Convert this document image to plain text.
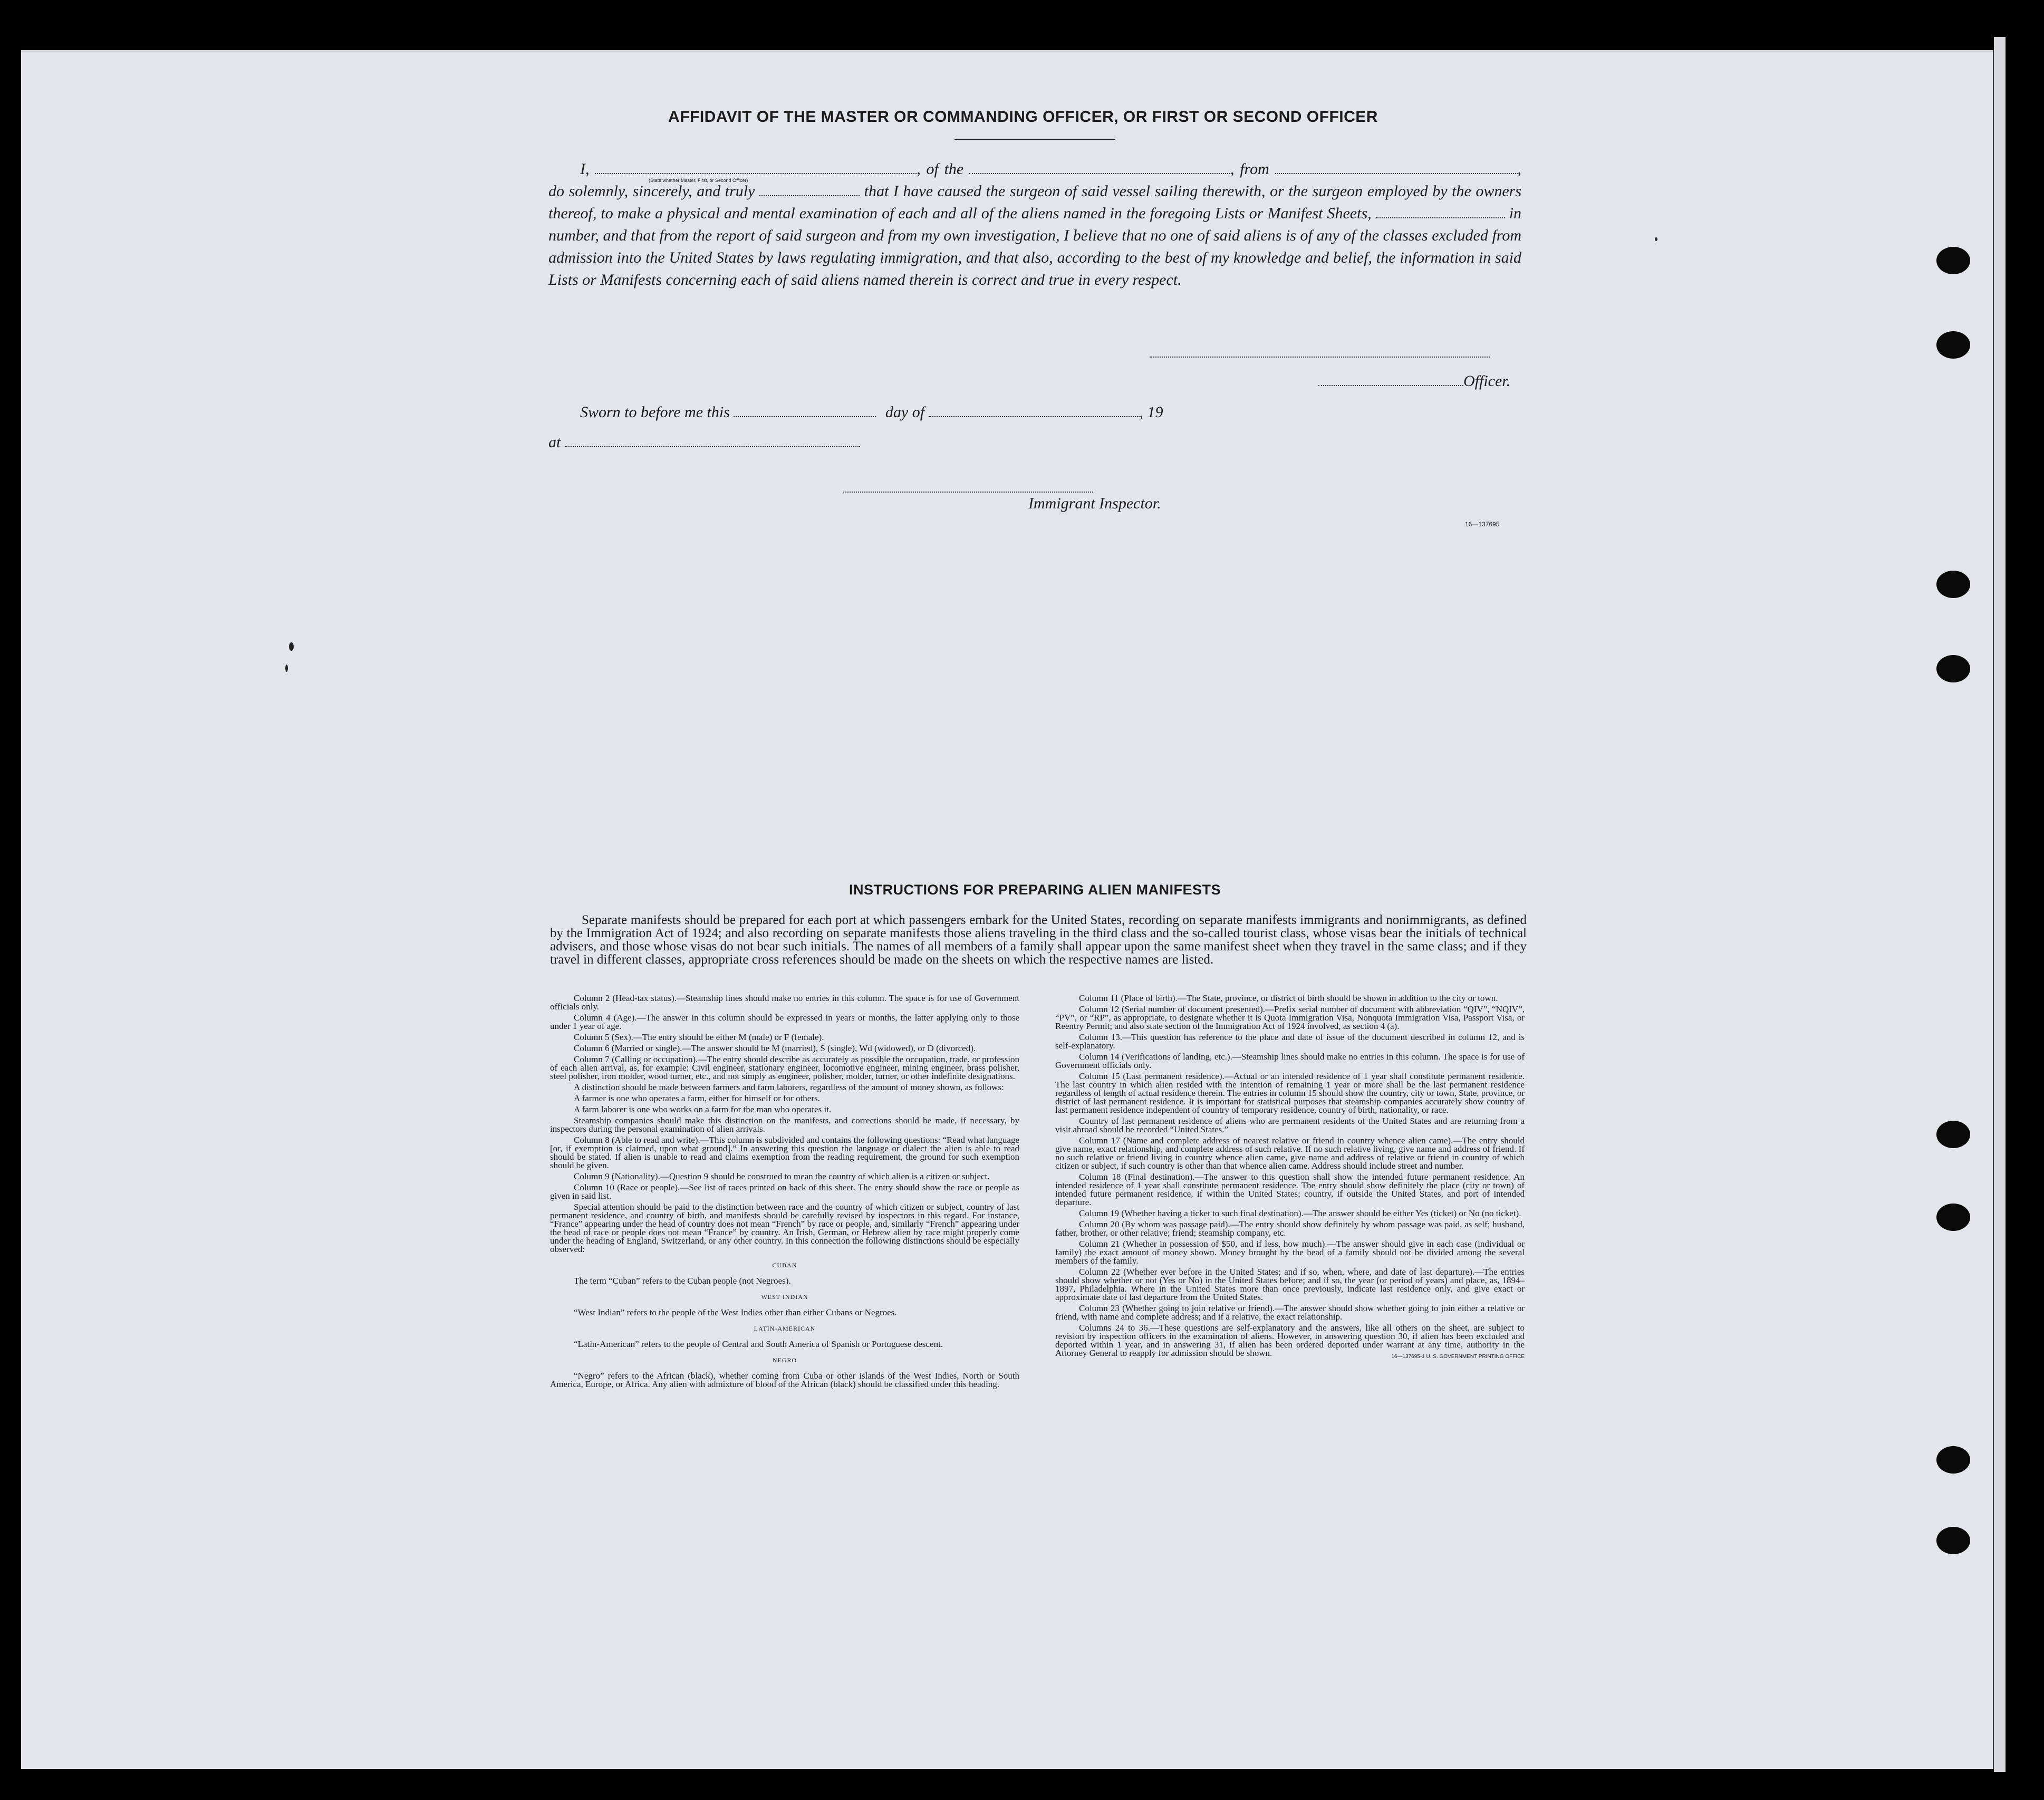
AFFIDAVIT OF THE MASTER OR COMMANDING OFFICER, OR FIRST OR SECOND OFFICER
I,	, of the	, from	, do solemnly, sincerely, and truly	that I have caused the surgeon of said vessel sailing therewith, or the surgeon employed by the owners thereof, to make a physical and mental examination of each and all of the aliens named in the foregoing Lists or Manifest Sheets,	in number, and that from the report of said surgeon and from my own investigation, I believe that no one of said aliens is of any of the classes excluded from admission into the United States by laws regulating immigration, and that also, according to the best of my knowledge and belief, the information in said Lists or Manifests concerning each of said aliens named therein is correct and true in every respect.
(State whether Master, First, or Second Officer)
Officer.
Sworn to before me this	day of	, 19
at
Immigrant Inspector.
16—137695
INSTRUCTIONS FOR PREPARING ALIEN MANIFESTS
Separate manifests should be prepared for each port at which passengers embark for the United States, recording on separate manifests immigrants and nonimmigrants, as defined by the Immigration Act of 1924; and also recording on separate manifests those aliens traveling in the third class and the so-called tourist class, whose visas bear the initials of technical advisers, and those whose visas do not bear such initials. The names of all members of a family shall appear upon the same manifest sheet when they travel in the same class; and if they travel in different classes, appropriate cross references should be made on the sheets on which the respective names are listed.

Column 2 (Head-tax status).—Steamship lines should make no entries in this column. The space is for use of Government officials only.

Column 4 (Age).—The answer in this column should be expressed in years or months, the latter applying only to those under 1 year of age.

Column 5 (Sex).—The entry should be either M (male) or F (female).

Column 6 (Married or single).—The answer should be M (married), S (single), Wd (widowed), or D (divorced).

Column 7 (Calling or occupation).—The entry should describe as accurately as possible the occupation, trade, or profession of each alien arrival, as, for example: Civil engineer, stationary engineer, locomotive engineer, mining engineer, brass polisher, steel polisher, iron molder, wood turner, etc., and not simply as engineer, polisher, molder, turner, or other indefinite designations.

A distinction should be made between farmers and farm laborers, regardless of the amount of money shown, as follows:

A farmer is one who operates a farm, either for himself or for others.

A farm laborer is one who works on a farm for the man who operates it.

Steamship companies should make this distinction on the manifests, and corrections should be made, if necessary, by inspectors during the personal examination of alien arrivals.

Column 8 (Able to read and write).—This column is subdivided and contains the following questions: “Read what language [or, if exemption is claimed, upon what ground].” In answering this question the language or dialect the alien is able to read should be stated. If alien is unable to read and claims exemption from the reading requirement, the ground for such exemption should be given.

Column 9 (Nationality).—Question 9 should be construed to mean the country of which alien is a citizen or subject.

Column 10 (Race or people).—See list of races printed on back of this sheet. The entry should show the race or people as given in said list.

Special attention should be paid to the distinction between race and the country of which citizen or subject, country of last permanent residence, and country of birth, and manifests should be carefully revised by inspectors in this regard. For instance, “France” appearing under the head of country does not mean “French” by race or people, and, similarly “French” appearing under the head of race or people does not mean “France” by country. An Irish, German, or Hebrew alien by race might properly come under the heading of England, Switzerland, or any other country. In this connection the following distinctions should be especially observed:

CUBAN

The term “Cuban” refers to the Cuban people (not Negroes).

WEST INDIAN

“West Indian” refers to the people of the West Indies other than either Cubans or Negroes.

LATIN-AMERICAN

“Latin-American” refers to the people of Central and South America of Spanish or Portuguese descent.

NEGRO

“Negro” refers to the African (black), whether coming from Cuba or other islands of the West Indies, North or South America, Europe, or Africa. Any alien with admixture of blood of the African (black) should be classified under this heading.

Column 11 (Place of birth).—The State, province, or district of birth should be shown in addition to the city or town.

Column 12 (Serial number of document presented).—Prefix serial number of document with abbreviation “QIV”, “NQIV”, “PV”, or “RP”, as appropriate, to designate whether it is Quota Immigration Visa, Nonquota Immigration Visa, Passport Visa, or Reentry Permit; and also state section of the Immigration Act of 1924 involved, as section 4 (a).

Column 13.—This question has reference to the place and date of issue of the document described in column 12, and is self-explanatory.

Column 14 (Verifications of landing, etc.).—Steamship lines should make no entries in this column. The space is for use of Government officials only.

Column 15 (Last permanent residence).—Actual or an intended residence of 1 year shall constitute permanent residence. The last country in which alien resided with the intention of remaining 1 year or more shall be the last permanent residence regardless of length of actual residence therein. The entries in column 15 should show the country, city or town, State, province, or district of last permanent residence. It is important for statistical purposes that steamship companies accurately show country of last permanent residence independent of country of temporary residence, country of birth, nationality, or race.

Country of last permanent residence of aliens who are permanent residents of the United States and are returning from a visit abroad should be recorded “United States.”

Column 17 (Name and complete address of nearest relative or friend in country whence alien came).—The entry should give name, exact relationship, and complete address of such relative. If no such relative living, give name and address of friend. If no such relative or friend living in country whence alien came, give name and address of relative or friend in country of which citizen or subject, if such country is other than that whence alien came. Address should include street and number.

Column 18 (Final destination).—The answer to this question shall show the intended future permanent residence. An intended residence of 1 year shall constitute permanent residence. The entry should show definitely the place (city or town) of intended future permanent residence, if within the United States; country, if outside the United States, and port of intended departure.

Column 19 (Whether having a ticket to such final destination).—The answer should be either Yes (ticket) or No (no ticket).

Column 20 (By whom was passage paid).—The entry should show definitely by whom passage was paid, as self; husband, father, brother, or other relative; friend; steamship company, etc.

Column 21 (Whether in possession of $50, and if less, how much).—The answer should give in each case (individual or family) the exact amount of money shown. Money brought by the head of a family should not be divided among the several members of the family.

Column 22 (Whether ever before in the United States; and if so, when, where, and date of last departure).—The entries should show whether or not (Yes or No) in the United States before; and if so, the year (or period of years) and place, as, 1894–1897, Philadelphia. Where in the United States more than once previously, indicate last residence only, and give exact or approximate date of last departure from the United States.

Column 23 (Whether going to join relative or friend).—The answer should show whether going to join either a relative or friend, with name and complete address; and if a relative, the exact relationship.

Columns 24 to 36.—These questions are self-explanatory and the answers, like all others on the sheet, are subject to revision by inspection officers in the examination of aliens. However, in answering question 30, if alien has been excluded and deported within 1 year, and in answering 31, if alien has been ordered deported under warrant at any time, authority in the Attorney General to reapply for admission should be shown.	16—137695-1 U. S. GOVERNMENT PRINTING OFFICE
